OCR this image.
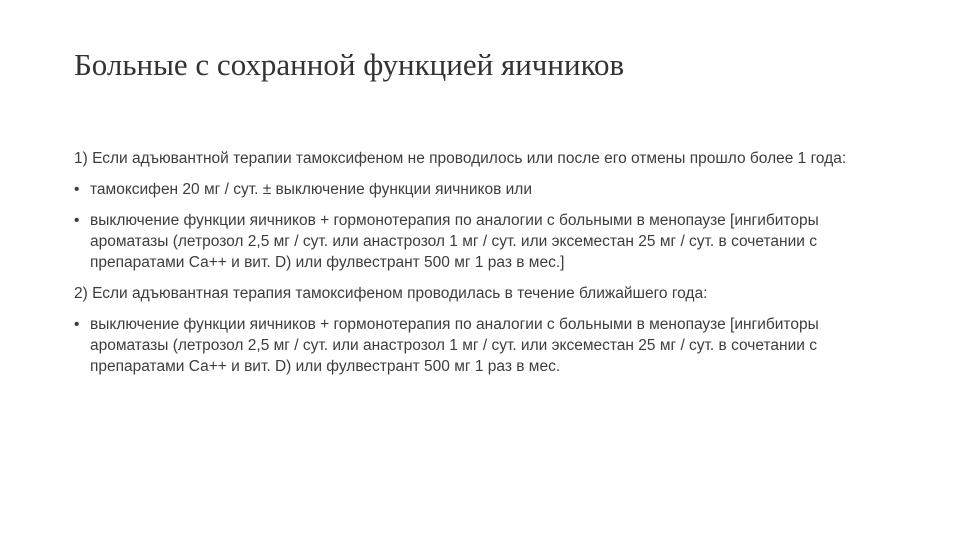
Больные с сохранной функцией яичников

1) Если адъювантной терапии тамоксифеном не проводилось или после его отмены прошло более 1 года:

• тамоксифен 20 мг / сут. ± выключение функции яичников или
• выключение функции яичников + гормонотерапия по аналогии с больными в менопаузе [ингибиторы ароматазы (летрозол 2,5 мг / сут. или анастрозол 1 мг / сут. или эксеместан 25 мг / сут. в сочетании с препаратами Са++ и вит. D) или фулвестрант 500 мг 1 раз в мес.]

2) Если адъювантная терапия тамоксифеном проводилась в течение ближайшего года:

• выключение функции яичников + гормонотерапия по аналогии с больными в менопаузе [ингибиторы ароматазы (летрозол 2,5 мг / сут. или анастрозол 1 мг / сут. или эксеместан 25 мг / сут. в сочетании с препаратами Са++ и вит. D) или фулвестрант 500 мг 1 раз в мес.
